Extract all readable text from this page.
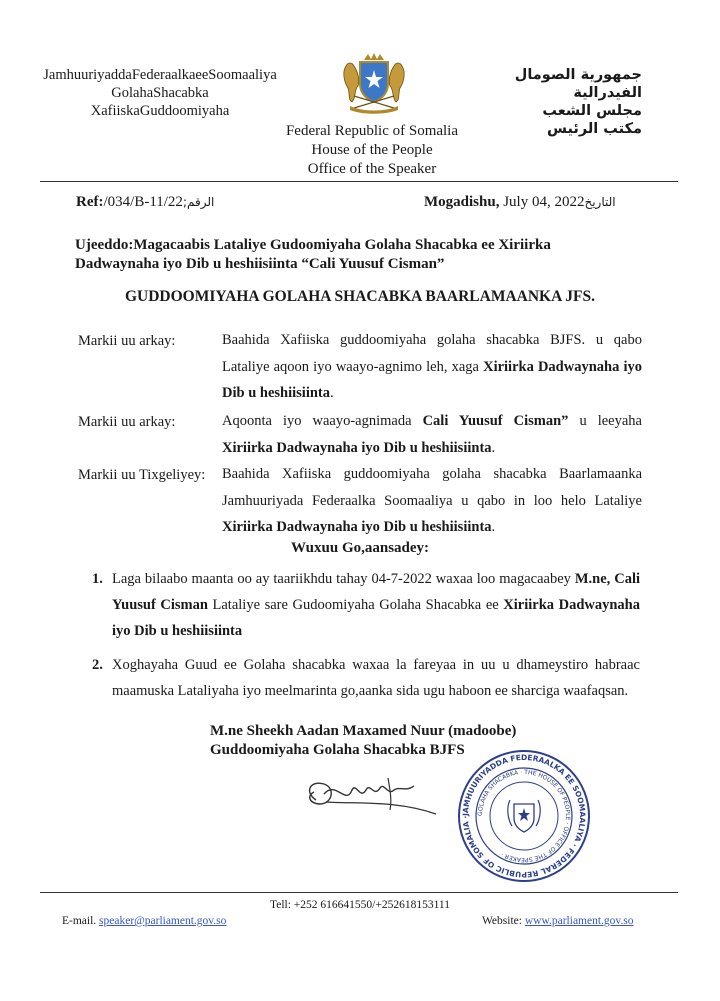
JamhuuriyaddaFederaalkaeeSoomaaliya
GolahaShacabka
XafiiskaGuddoomiyaha
جمهورية الصومال الفيدرالية
مجلس الشعب
مكتب الرئيس
Federal Republic of Somalia
House of the People
Office of the Speaker
Ref:/034/B-11/22;الرقم	Mogadishu, July 04, 2022التاريخ
Ujeeddo:Magacaabis Lataliye Gudoomiyaha Golaha Shacabka ee Xiriirka
Dadwaynaha iyo Dib u heshiisiinta “Cali Yuusuf Cisman”
GUDDOOMIYAHA GOLAHA SHACABKA BAARLAMAANKA JFS.
Markii uu arkay:	Baahida Xafiiska guddoomiyaha golaha shacabka BJFS. u qabo Lataliye aqoon iyo waayo-agnimo leh, xaga Xiriirka Dadwaynaha iyo Dib u heshiisiinta.
Markii uu arkay:	Aqoonta iyo waayo-agnimada Cali Yuusuf Cisman” u leeyaha Xiriirka Dadwaynaha iyo Dib u heshiisiinta.
Markii uu Tixgeliyey: Baahida Xafiiska guddoomiyaha golaha shacabka Baarlamaanka Jamhuuriyada Federaalka Soomaaliya u qabo in loo helo Lataliye Xiriirka Dadwaynaha iyo Dib u heshiisiinta.
Wuxuu Go,aansadey:
1. Laga bilaabo maanta oo ay taariikhdu tahay 04-7-2022 waxaa loo magacaabey M.ne, Cali Yuusuf Cisman Lataliye sare Gudoomiyaha Golaha Shacabka ee Xiriirka Dadwaynaha iyo Dib u heshiisiinta
2. Xoghayaha Guud ee Golaha shacabka waxaa la fareyaa in uu u dhameystiro habraac maamuska Lataliyaha iyo meelmarinta go,aanka sida ugu haboon ee sharciga waafaqsan.
M.ne Sheekh Aadan Maxamed Nuur (madoobe)
Guddoomiyaha Golaha Shacabka BJFS
JAMHUURIYADDA FEDERAALKA EE SOOMAALIYA · FEDERAL REPUBLIC OF SOMALIA ·
GOLAHA SHACABKA · THE HOUSE OF PEOPLE · OFFICE OF THE SPEAKER ·
Tell: +252 616641550/+252618153111
E-mail. speaker@parliament.gov.so	Website: www.parliament.gov.so
